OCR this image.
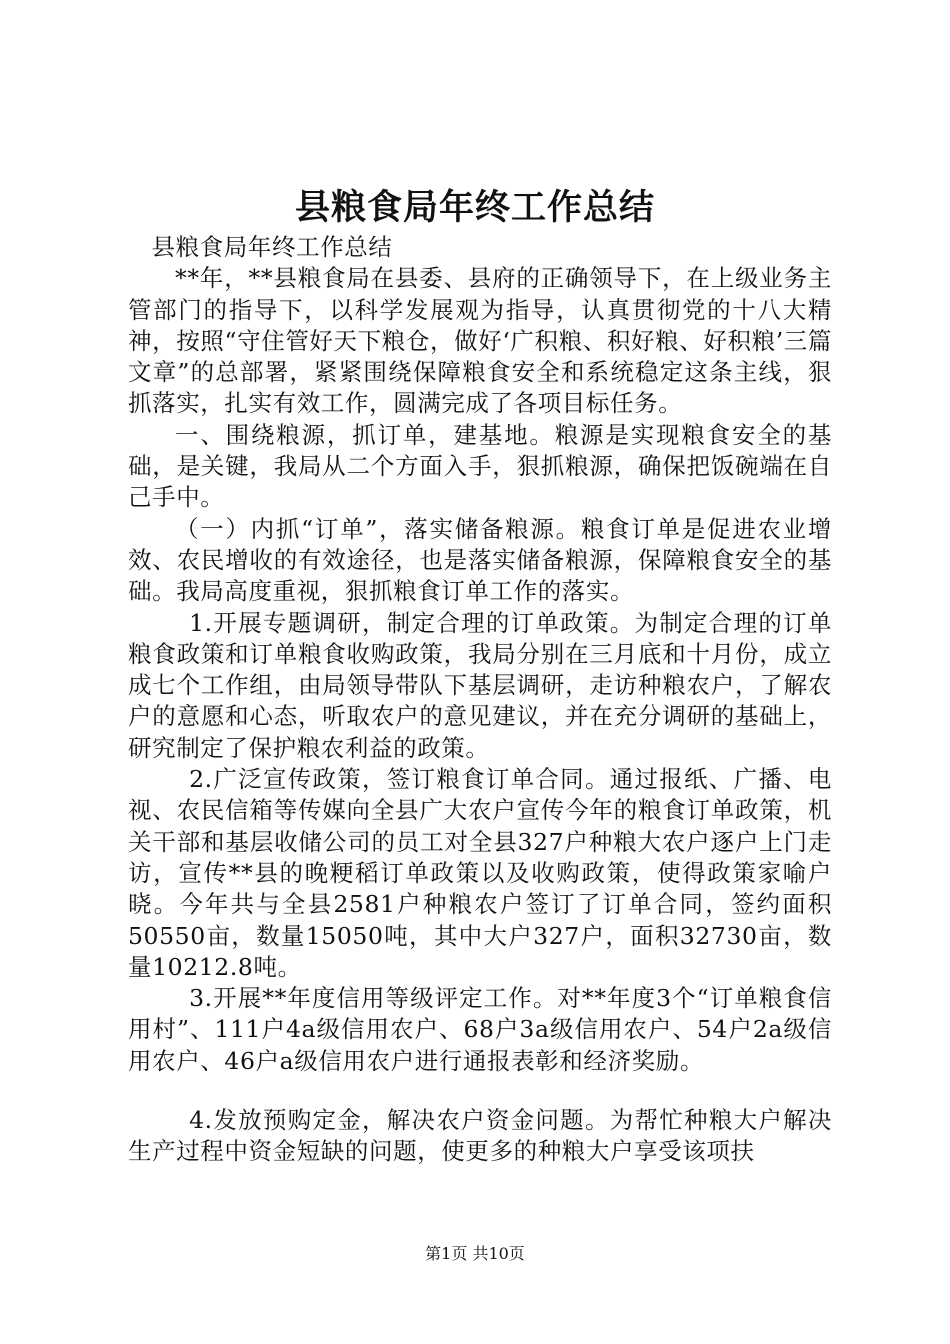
县粮食局年终工作总结

县粮食局年终工作总结

**年，**县粮食局在县委、县府的正确领导下，在上级业务主管部门的指导下，以科学发展观为指导，认真贯彻党的十八大精神，按照“守住管好天下粮仓，做好‘广积粮、积好粮、好积粮’三篇文章”的总部署，紧紧围绕保障粮食安全和系统稳定这条主线，狠抓落实，扎实有效工作，圆满完成了各项目标任务。

一、围绕粮源，抓订单，建基地。粮源是实现粮食安全的基础，是关键，我局从二个方面入手，狠抓粮源，确保把饭碗端在自己手中。

（一）内抓“订单”，落实储备粮源。粮食订单是促进农业增效、农民增收的有效途径，也是落实储备粮源，保障粮食安全的基础。我局高度重视，狠抓粮食订单工作的落实。

1.开展专题调研，制定合理的订单政策。为制定合理的订单粮食政策和订单粮食收购政策，我局分别在三月底和十月份，成立成七个工作组，由局领导带队下基层调研，走访种粮农户，了解农户的意愿和心态，听取农户的意见建议，并在充分调研的基础上，研究制定了保护粮农利益的政策。

2.广泛宣传政策，签订粮食订单合同。通过报纸、广播、电视、农民信箱等传媒向全县广大农户宣传今年的粮食订单政策，机关干部和基层收储公司的员工对全县327户种粮大农户逐户上门走访，宣传**县的晚粳稻订单政策以及收购政策，使得政策家喻户晓。今年共与全县2581户种粮农户签订了订单合同，签约面积50550亩，数量15050吨，其中大户327户，面积32730亩，数量10212.8吨。

3.开展**年度信用等级评定工作。对**年度3个“订单粮食信用村”、111户4a级信用农户、68户3a级信用农户、54户2a级信用农户、46户a级信用农户进行通报表彰和经济奖励。

4.发放预购定金，解决农户资金问题。为帮忙种粮大户解决生产过程中资金短缺的问题，使更多的种粮大户享受该项扶

第1页 共10页
